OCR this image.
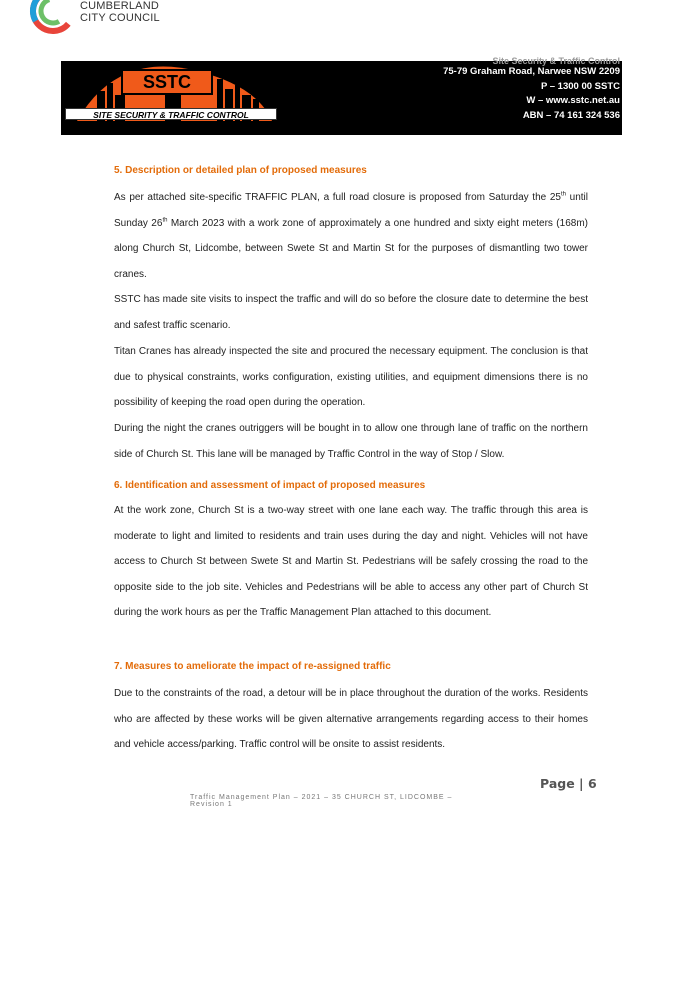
CUMBERLAND
CITY COUNCIL
SSTC
SITE SECURITY & TRAFFIC CONTROL
Site Security & Traffic Control
75-79 Graham Road, Narwee NSW 2209
P – 1300 00 SSTC
W – www.sstc.net.au
ABN – 74 161 324 536
5. Description or detailed plan of proposed measures
As per attached site-specific TRAFFIC PLAN, a full road closure is proposed from Saturday the 25th until Sunday 26th March 2023 with a work zone of approximately a one hundred and sixty eight meters (168m) along Church St, Lidcombe, between Swete St and Martin St for the purposes of dismantling two tower cranes.
SSTC has made site visits to inspect the traffic and will do so before the closure date to determine the best and safest traffic scenario.
Titan Cranes has already inspected the site and procured the necessary equipment. The conclusion is that due to physical constraints, works configuration, existing utilities, and equipment dimensions there is no possibility of keeping the road open during the operation.
During the night the cranes outriggers will be bought in to allow one through lane of traffic on the northern side of Church St. This lane will be managed by Traffic Control in the way of Stop / Slow.
6. Identification and assessment of impact of proposed measures
At the work zone, Church St is a two-way street with one lane each way. The traffic through this area is moderate to light and limited to residents and train uses during the day and night. Vehicles will not have access to Church St between Swete St and Martin St. Pedestrians will be safely crossing the road to the opposite side to the job site. Vehicles and Pedestrians will be able to access any other part of Church St during the work hours as per the Traffic Management Plan attached to this document.
7. Measures to ameliorate the impact of re-assigned traffic
Due to the constraints of the road, a detour will be in place throughout the duration of the works. Residents who are affected by these works will be given alternative arrangements regarding access to their homes and vehicle access/parking. Traffic control will be onsite to assist residents.
Page | 6
Traffic Management Plan – 2021 – 35 CHURCH ST, LIDCOMBE – Revision 1
